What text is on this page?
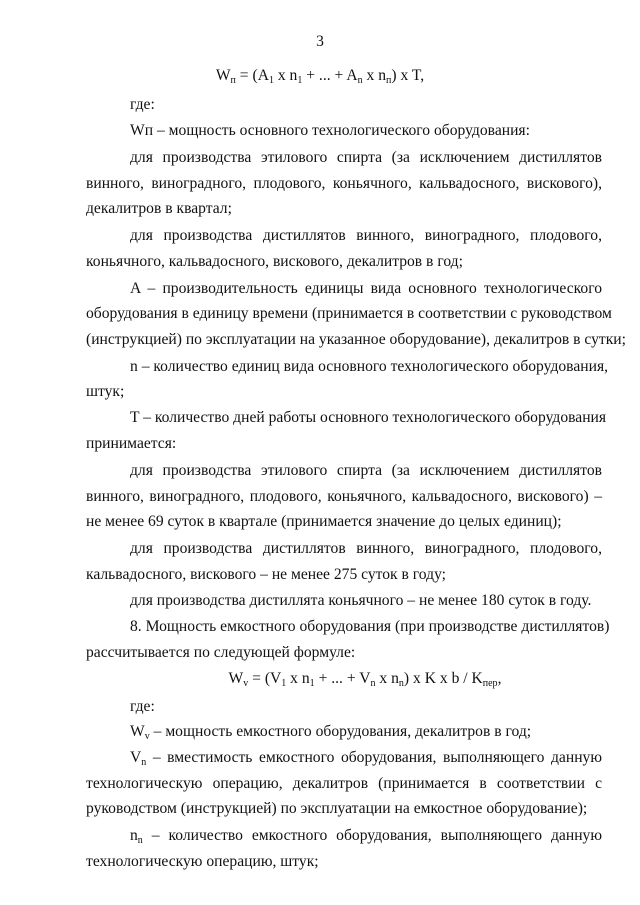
3
$W_п = (A_1$ x $n_1$ + ... + $A_n$ x $n_п$) x T,
где:
Wп – мощность основного технологического оборудования:
для производства этилового спирта (за исключением дистиллятов
винного, виноградного, плодового, коньячного, кальвадосного, вискового),
декалитров в квартал;
для производства дистиллятов винного, виноградного, плодового,
коньячного, кальвадосного, вискового, декалитров в год;
A – производительность единицы вида основного технологического
оборудования в единицу времени (принимается в соответствии с руководством
(инструкцией) по эксплуатации на указанное оборудование), декалитров в сутки;
n – количество единиц вида основного технологического оборудования,
штук;
T – количество дней работы основного технологического оборудования
принимается:
для производства этилового спирта (за исключением дистиллятов
винного, виноградного, плодового, коньячного, кальвадосного, вискового) –
не менее 69 суток в квартале (принимается значение до целых единиц);
для производства дистиллятов винного, виноградного, плодового,
кальвадосного, вискового – не менее 275 суток в году;
для производства дистиллята коньячного – не менее 180 суток в году.
8. Мощность емкостного оборудования (при производстве дистиллятов)
рассчитывается по следующей формуле:
$W_v = (V_1$ x $n_1$ + ... + $V_n$ x $n_n$) x K x b / $K_{пер}$,
где:
$W_v$ – мощность емкостного оборудования, декалитров в год;
$V_n$ – вместимость емкостного оборудования, выполняющего данную
технологическую операцию, декалитров (принимается в соответствии с
руководством (инструкцией) по эксплуатации на емкостное оборудование);
$n_n$ – количество емкостного оборудования, выполняющего данную
технологическую операцию, штук;
